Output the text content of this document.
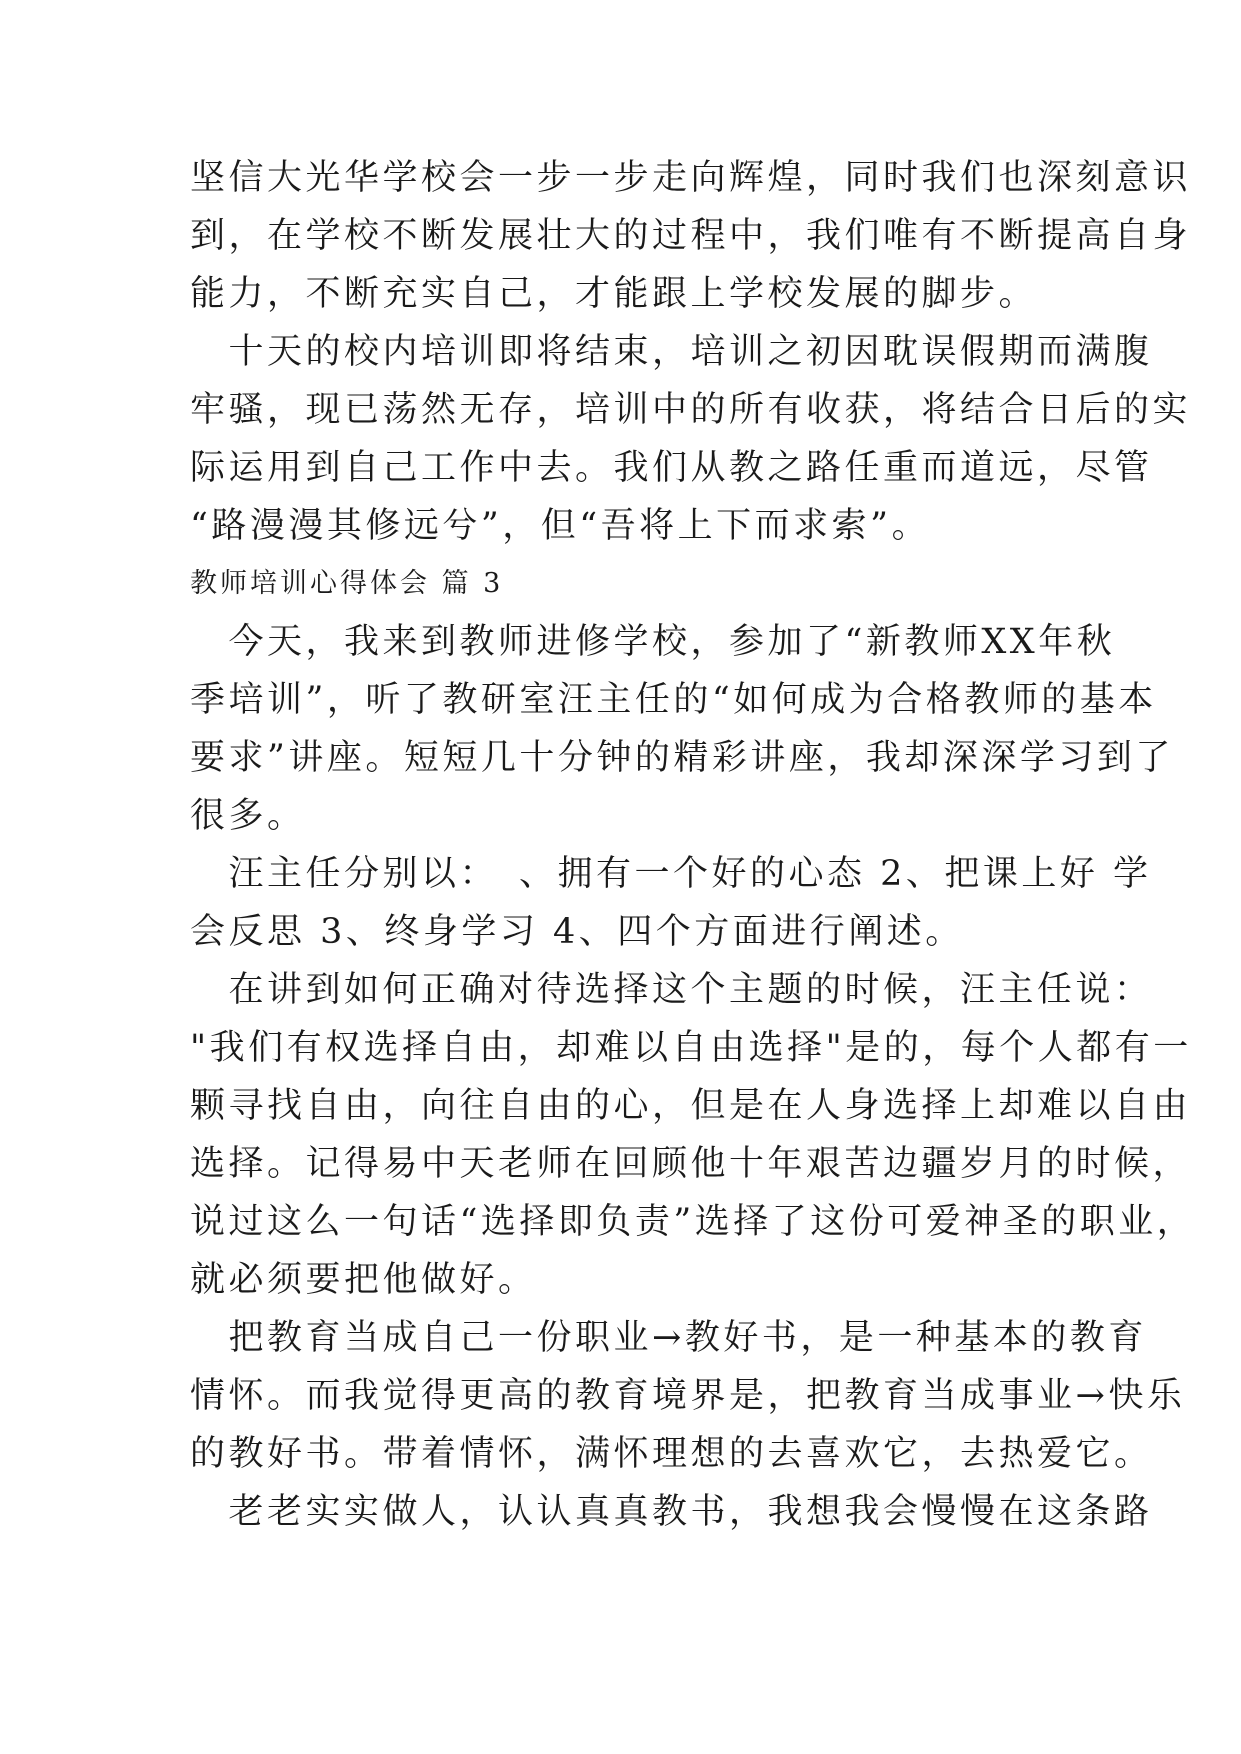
坚信大光华学校会一步一步走向辉煌，同时我们也深刻意识
到，在学校不断发展壮大的过程中，我们唯有不断提高自身
能力，不断充实自己，才能跟上学校发展的脚步。
　十天的校内培训即将结束，培训之初因耽误假期而满腹
牢骚，现已荡然无存，培训中的所有收获，将结合日后的实
际运用到自己工作中去。我们从教之路任重而道远，尽管
“路漫漫其修远兮”，但“吾将上下而求索”。
教师培训心得体会 篇 3
　今天，我来到教师进修学校，参加了“新教师XX年秋
季培训”，听了教研室汪主任的“如何成为合格教师的基本
要求”讲座。短短几十分钟的精彩讲座，我却深深学习到了
很多。
　汪主任分别以：　、拥有一个好的心态 2、把课上好 学
会反思 3、终身学习 4、四个方面进行阐述。
　在讲到如何正确对待选择这个主题的时候，汪主任说：
"我们有权选择自由，却难以自由选择"是的，每个人都有一
颗寻找自由，向往自由的心，但是在人身选择上却难以自由
选择。记得易中天老师在回顾他十年艰苦边疆岁月的时候，
说过这么一句话“选择即负责”选择了这份可爱神圣的职业，
就必须要把他做好。
　把教育当成自己一份职业→教好书，是一种基本的教育
情怀。而我觉得更高的教育境界是，把教育当成事业→快乐
的教好书。带着情怀，满怀理想的去喜欢它，去热爱它。
　老老实实做人，认认真真教书，我想我会慢慢在这条路
